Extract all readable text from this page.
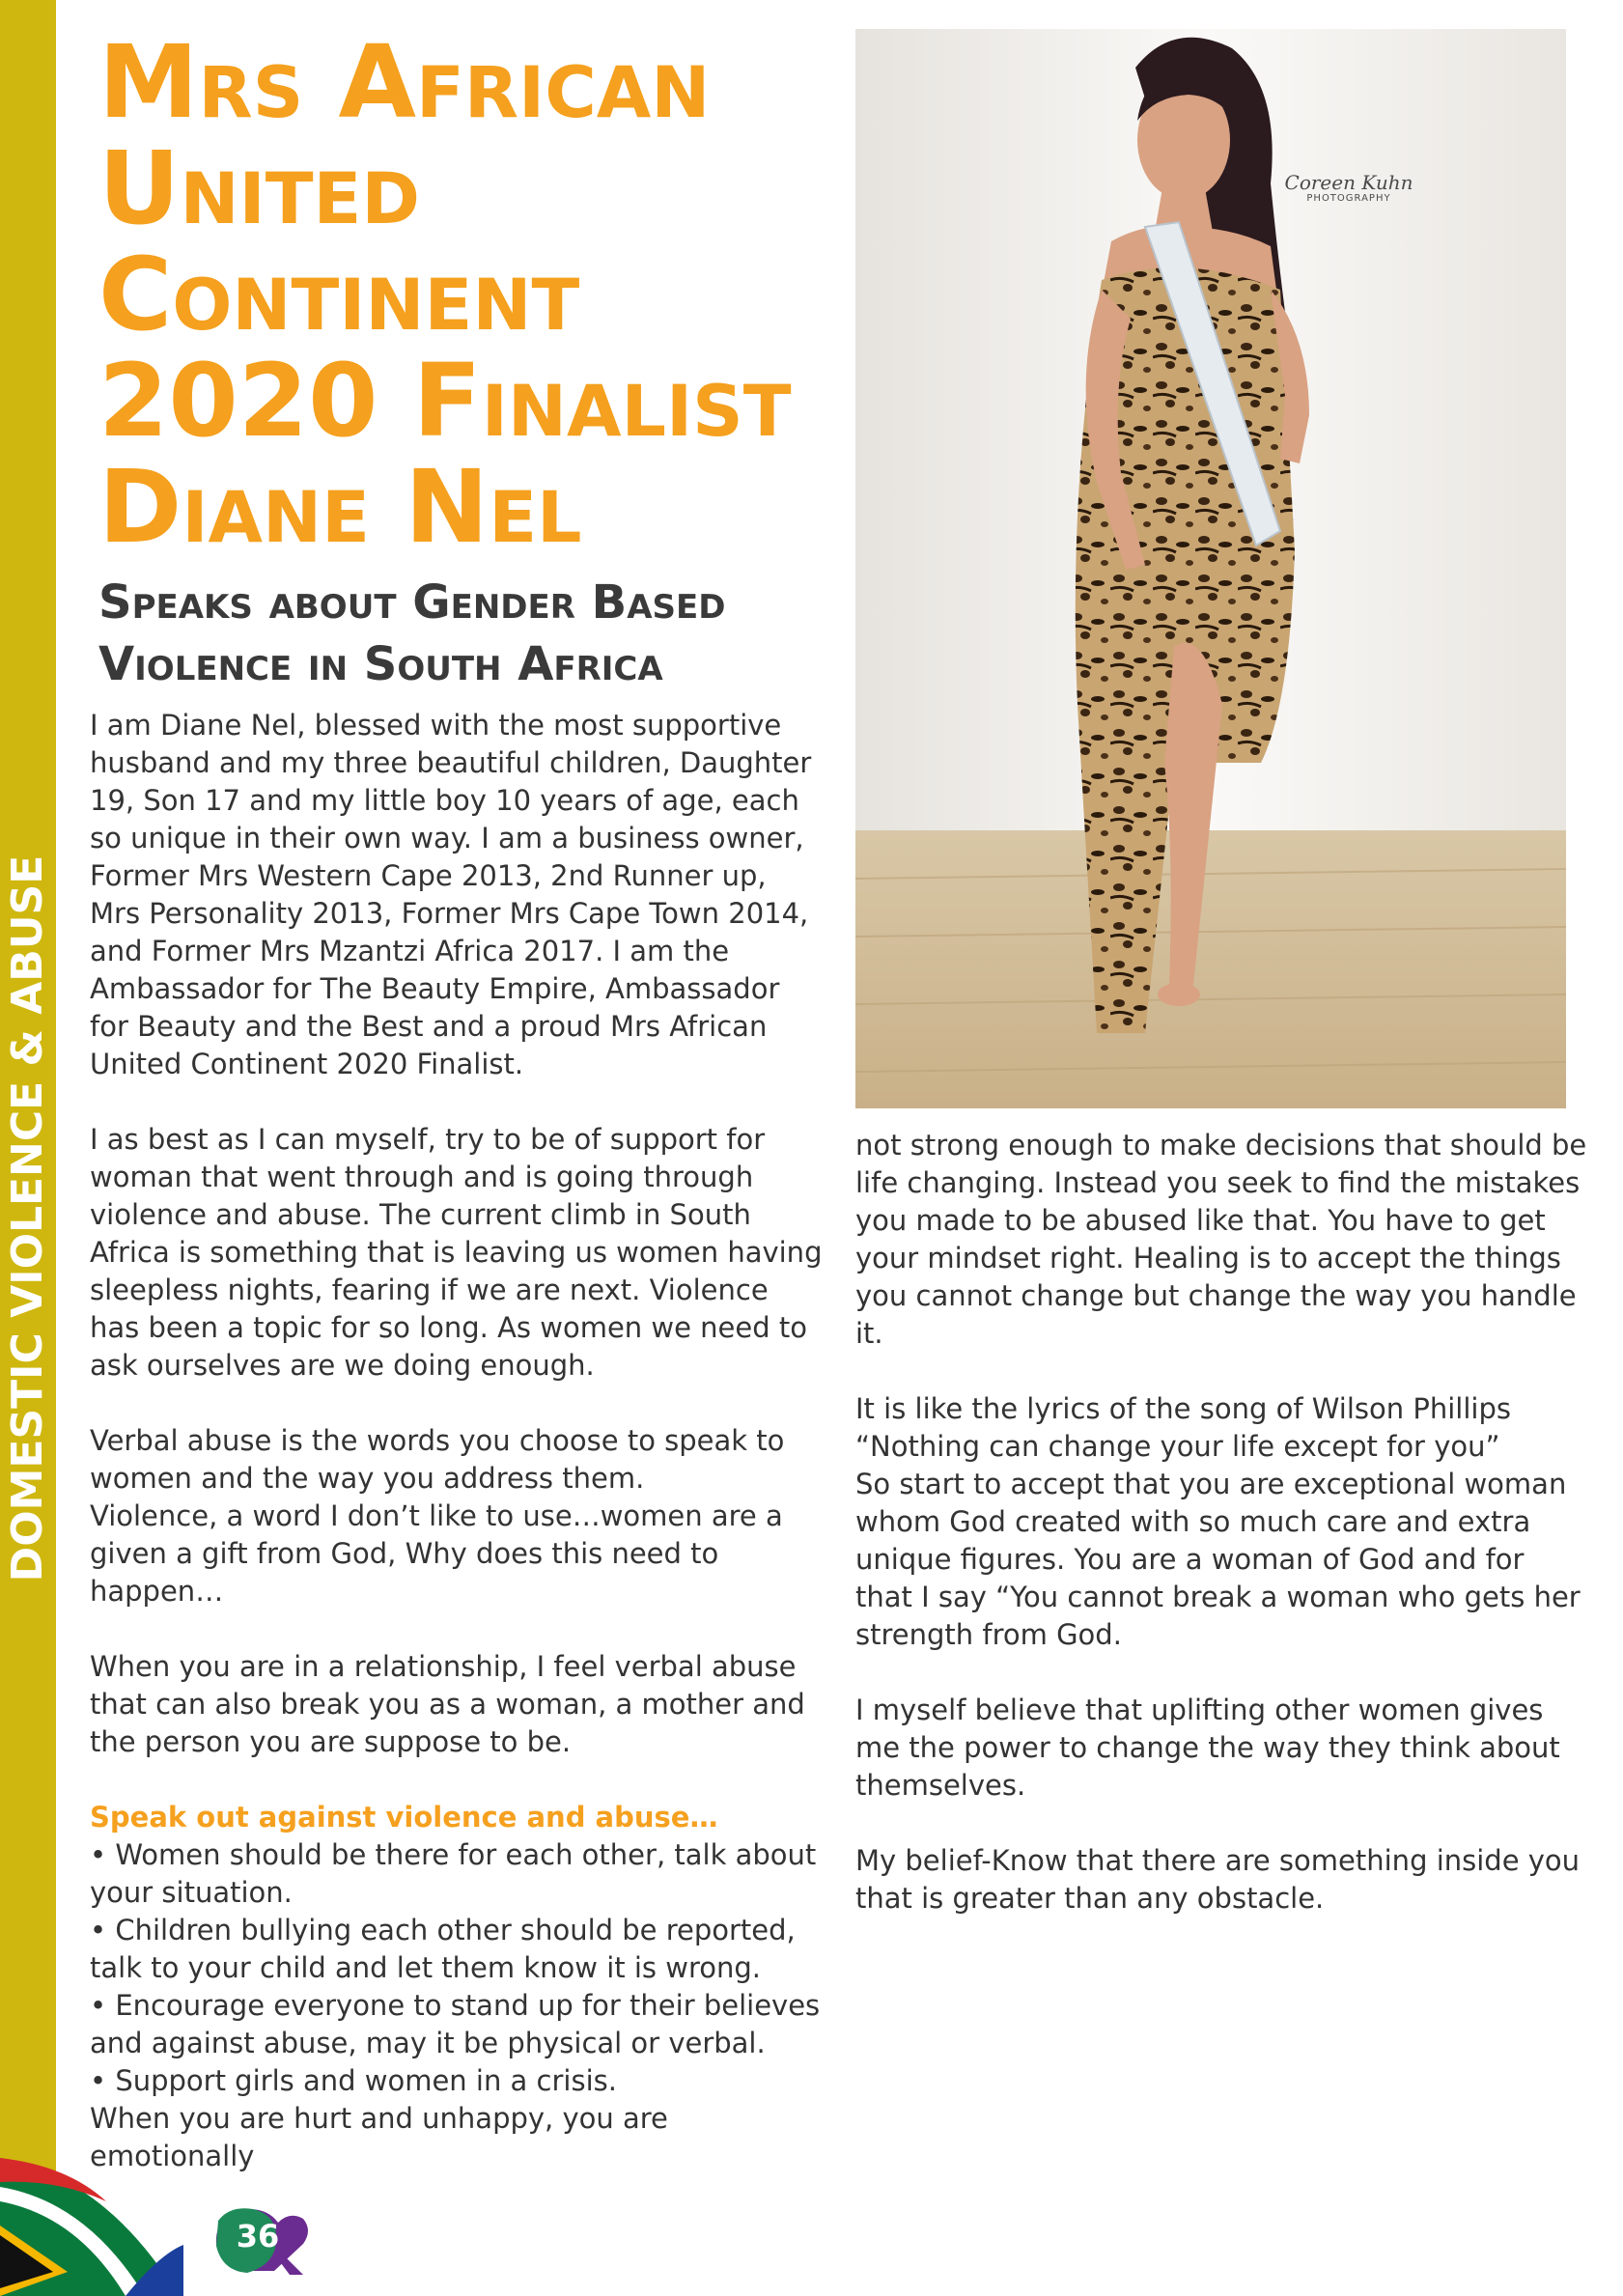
DOMESTIC VIOLENCE & ABUSE
Mrs African United Continent 2020 Finalist Diane Nel
Speaks about Gender Based Violence in South Africa

I am Diane Nel, blessed with the most supportive husband and my three beautiful children, Daughter 19, Son 17 and my little boy 10 years of age, each so unique in their own way. I am a business owner, Former Mrs Western Cape 2013, 2nd Runner up, Mrs Personality 2013, Former Mrs Cape Town 2014, and Former Mrs Mzantzi Africa 2017. I am the Ambassador for The Beauty Empire, Ambassador for Beauty and the Best and a proud Mrs African United Continent 2020 Finalist.

I as best as I can myself, try to be of support for woman that went through and is going through violence and abuse. The current climb in South Africa is something that is leaving us women having sleepless nights, fearing if we are next. Violence has been a topic for so long. As women we need to ask ourselves are we doing enough.

Verbal abuse is the words you choose to speak to women and the way you address them.
Violence, a word I don’t like to use…women are a given a gift from God, Why does this need to happen…

When you are in a relationship, I feel verbal abuse that can also break you as a woman, a mother and the person you are suppose to be.

Speak out against violence and abuse…

• Women should be there for each other, talk about your situation.
• Children bullying each other should be reported, talk to your child and let them know it is wrong.
• Encourage everyone to stand up for their believes and against abuse, may it be physical or verbal.
• Support girls and women in a crisis.

When you are hurt and unhappy, you are emotionally

Coreen Kuhn
PHOTOGRAPHY

not strong enough to make decisions that should be life changing. Instead you seek to find the mistakes you made to be abused like that. You have to get your mindset right. Healing is to accept the things you cannot change but change the way you handle it.

It is like the lyrics of the song of Wilson Phillips “Nothing can change your life except for you”
So start to accept that you are exceptional woman whom God created with so much care and extra unique figures. You are a woman of God and for that I say “You cannot break a woman who gets her strength from God.

I myself believe that uplifting other women gives me the power to change the way they think about themselves.

My belief-Know that there are something inside you that is greater than any obstacle.

36
